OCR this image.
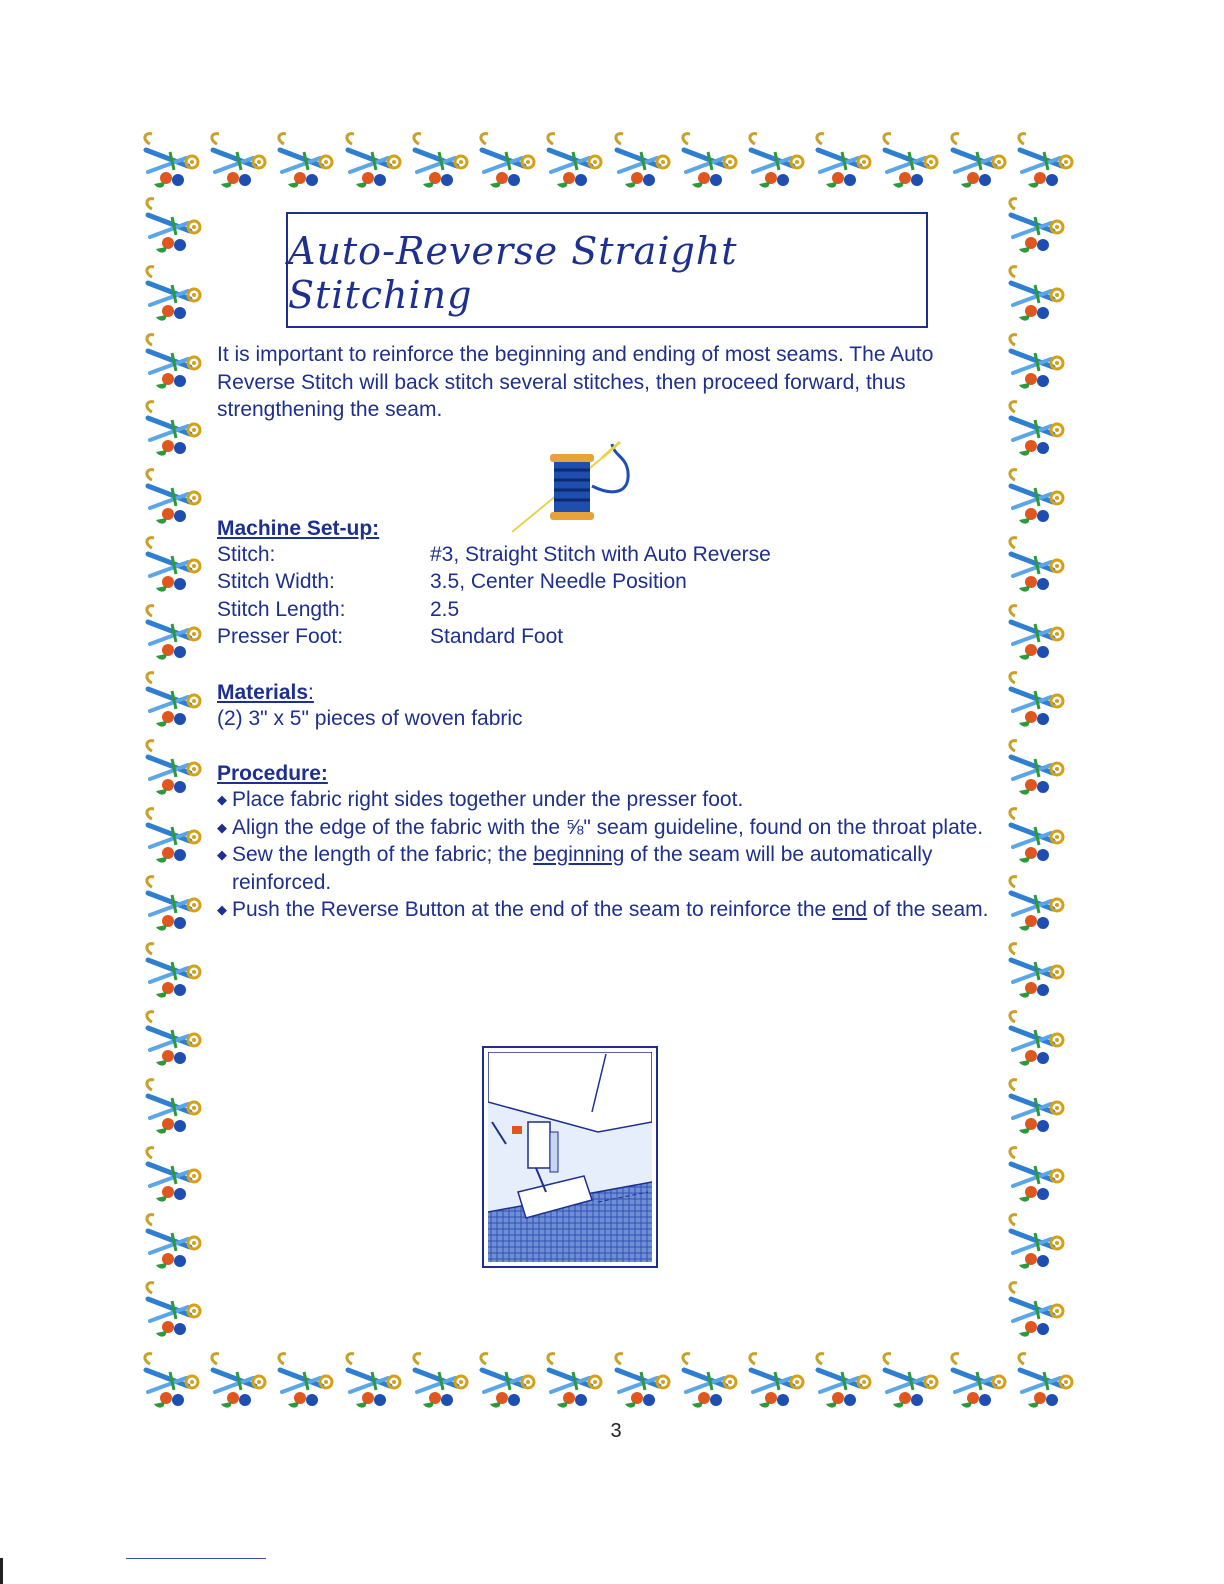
Auto-Reverse Straight Stitching
It is important to reinforce the beginning and ending of most seams. The Auto Reverse Stitch will back stitch several stitches, then proceed forward, thus strengthening the seam.
Machine Set-up:
Stitch:	#3, Straight Stitch with Auto Reverse
Stitch Width:	3.5, Center Needle Position
Stitch Length:	2.5
Presser Foot:	Standard Foot
Materials:
(2) 3" x 5" pieces of woven fabric
Procedure:
◆ Place fabric right sides together under the presser foot.
◆ Align the edge of the fabric with the ⅝" seam guideline, found on the throat plate.
◆ Sew the length of the fabric; the beginning of the seam will be automatically reinforced.
◆ Push the Reverse Button at the end of the seam to reinforce the end of the seam.
3
